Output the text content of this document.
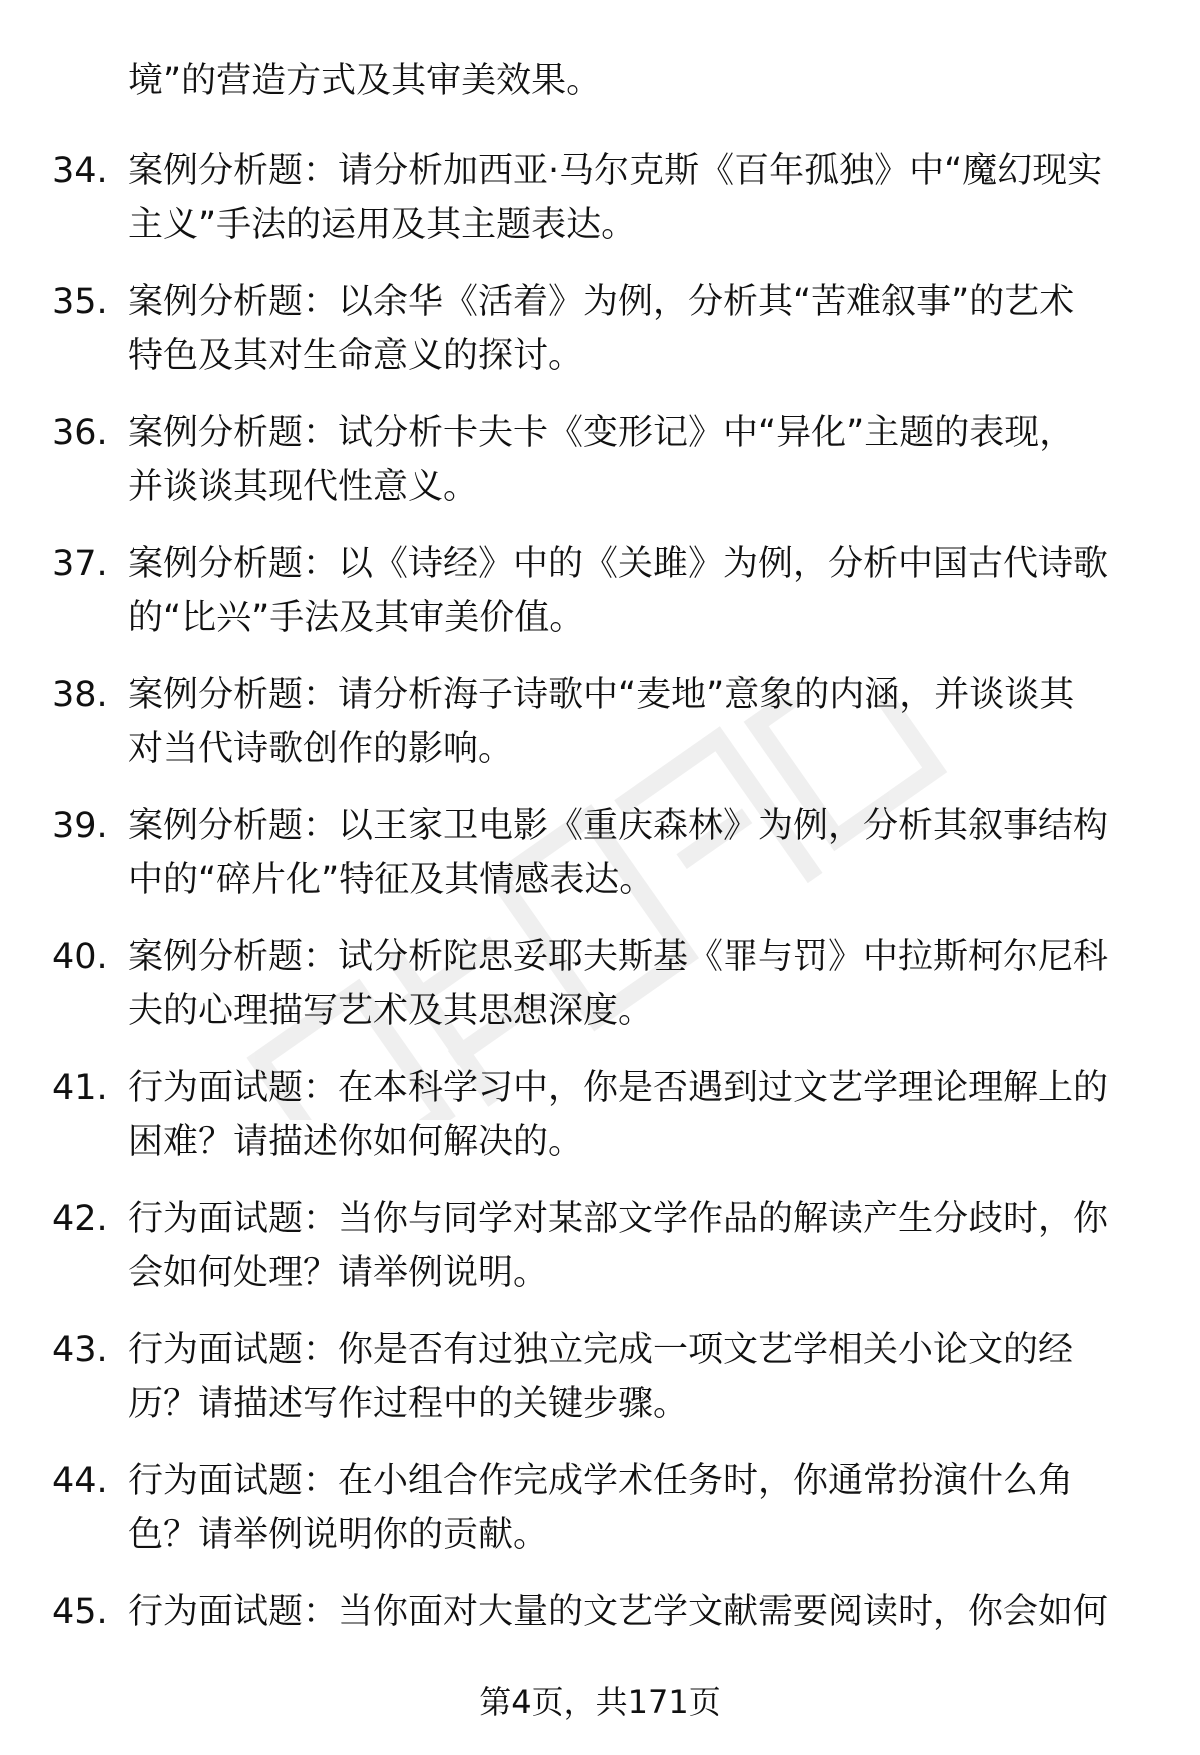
境”的营造方式及其审美效果。
34. 案例分析题：请分析加西亚·马尔克斯《百年孤独》中“魔幻现实
主义”手法的运用及其主题表达。
35. 案例分析题：以余华《活着》为例，分析其“苦难叙事”的艺术
特色及其对生命意义的探讨。
36. 案例分析题：试分析卡夫卡《变形记》中“异化”主题的表现，
并谈谈其现代性意义。
37. 案例分析题：以《诗经》中的《关雎》为例，分析中国古代诗歌
的“比兴”手法及其审美价值。
38. 案例分析题：请分析海子诗歌中“麦地”意象的内涵，并谈谈其
对当代诗歌创作的影响。
39. 案例分析题：以王家卫电影《重庆森林》为例，分析其叙事结构
中的“碎片化”特征及其情感表达。
40. 案例分析题：试分析陀思妥耶夫斯基《罪与罚》中拉斯柯尔尼科
夫的心理描写艺术及其思想深度。
41. 行为面试题：在本科学习中，你是否遇到过文艺学理论理解上的
困难？请描述你如何解决的。
42. 行为面试题：当你与同学对某部文学作品的解读产生分歧时，你
会如何处理？请举例说明。
43. 行为面试题：你是否有过独立完成一项文艺学相关小论文的经
历？请描述写作过程中的关键步骤。
44. 行为面试题：在小组合作完成学术任务时，你通常扮演什么角
色？请举例说明你的贡献。
45. 行为面试题：当你面对大量的文艺学文献需要阅读时，你会如何
第4页，共171页
